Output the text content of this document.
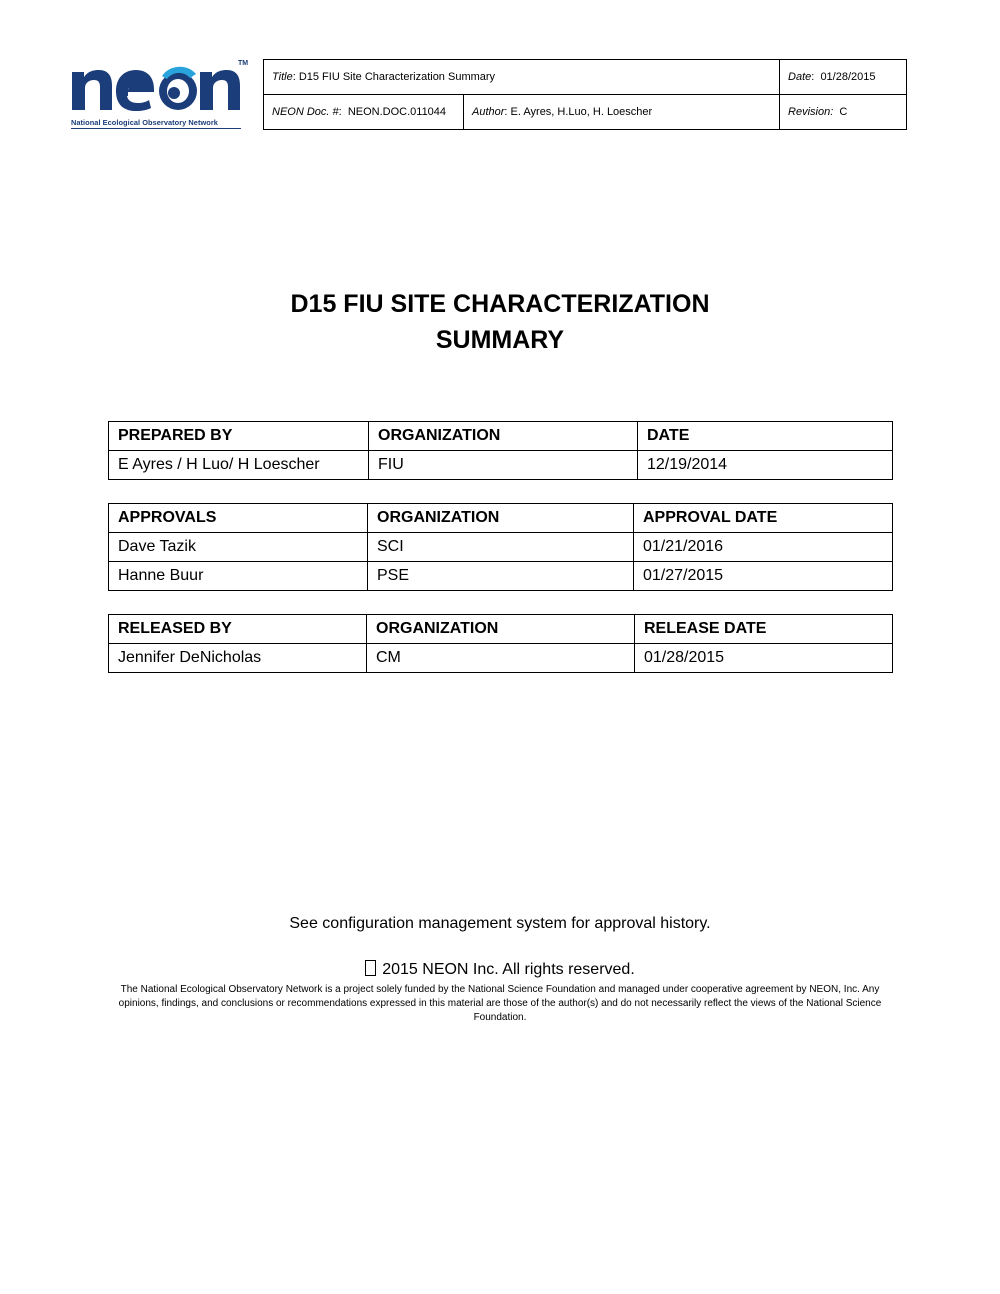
TM
National Ecological Observatory Network
Title: D15 FIU Site Characterization Summary		Date:  01/28/2015
NEON Doc. #:  NEON.DOC.011044	Author: E. Ayres, H.Luo, H. Loescher	Revision: C
D15 FIU SITE CHARACTERIZATION
SUMMARY
PREPARED BY	ORGANIZATION	DATE
E Ayres / H Luo/ H Loescher	FIU	12/19/2014
APPROVALS	ORGANIZATION	APPROVAL DATE
Dave Tazik	SCI	01/21/2016
Hanne Buur	PSE	01/27/2015
RELEASED BY	ORGANIZATION	RELEASE DATE
Jennifer DeNicholas	CM	01/28/2015
See configuration management system for approval history.
2015 NEON Inc. All rights reserved.
The National Ecological Observatory Network is a project solely funded by the National Science Foundation and managed under cooperative agreement by NEON, Inc. Any opinions, findings, and conclusions or recommendations expressed in this material are those of the author(s) and do not necessarily reflect the views of the National Science Foundation.
